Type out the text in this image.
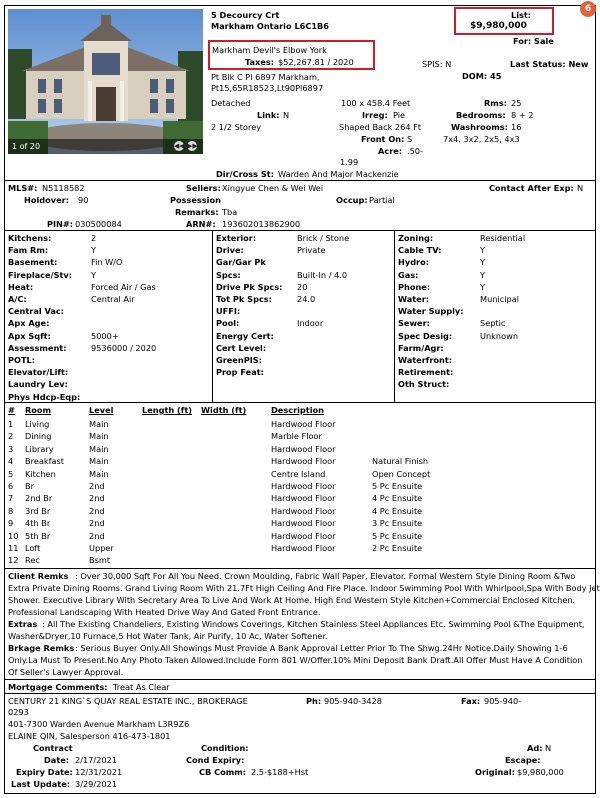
6
1 of 20	◀◀ ▶▶
5 Decourcy Crt
Markham Ontario L6C1B6
Markham Devil's Elbow York
Taxes: $52,267.81 / 2020
Pt Blk C Pl 6897 Markham,
Pt15,65R18523,Lt90Pl6897
List:
$9,980,000
For: Sale
SPIS: N	Last Status: New
DOM: 45
Detached
Link: N
2 1/2 Storey
100 x 458.4 Feet
Irreg: Pie
Shaped Back 264 Ft
Front On: S
Acre: .50-
1.99
Rms: 25
Bedrooms: 8 + 2
Washrooms: 16
7x4, 3x2, 2x5, 4x3
Dir/Cross St: Warden And Major Mackenzie
MLS#: N5118582	Sellers: Xingyue Chen & Wei Wei	Contact After Exp: N
Holdover: 90	Possession	Occup: Partial
Remarks: Tba
PIN#: 030500084	ARN#: 193602013862900
Kitchens:	2
Fam Rm:	Y
Basement:	Fin W/O
Fireplace/Stv: Y
Heat:	Forced Air / Gas
A/C:	Central Air
Central Vac:
Apx Age:
Apx Sqft:	5000+
Assessment:	9536000 / 2020
POTL:
Elevator/Lift:
Laundry Lev:
Phys Hdcp-Eqp:
Exterior:	Brick / Stone
Drive:	Private
Gar/Gar Pk
Spcs:	Built-In / 4.0
Drive Pk Spcs: 20
Tot Pk Spcs:	24.0
UFFI:
Pool:	Indoor
Energy Cert:
Cert Level:
GreenPIS:
Prop Feat:
Zoning:	Residential
Cable TV:	Y
Hydro:	Y
Gas:	Y
Phone:	Y
Water:	Municipal
Water Supply:
Sewer:	Septic
Spec Desig:	Unknown
Farm/Agr:
Waterfront:
Retirement:
Oth Struct:
# Room	Level	Length (ft) Width (ft)	Description
1 Living	Main	Hardwood Floor
2 Dining	Main	Marble Floor
3 Library	Main	Hardwood Floor
4 Breakfast	Main	Hardwood Floor	Natural Finish
5 Kitchen	Main	Centre Island	Open Concept
6 Br	2nd	Hardwood Floor	5 Pc Ensuite
7 2nd Br	2nd	Hardwood Floor	4 Pc Ensuite
8 3rd Br	2nd	Hardwood Floor	4 Pc Ensuite
9 4th Br	2nd	Hardwood Floor	3 Pc Ensuite
10 5th Br	2nd	Hardwood Floor	5 Pc Ensuite
11 Loft	Upper	Hardwood Floor	2 Pc Ensuite
12 Rec	Bsmt
Client Remks : Over 30,000 Sqft For All You Need. Crown Moulding, Fabric Wall Paper, Elevator. Formal Western Style Dining Room &Two
Extra Private Dining Rooms. Grand Living Room With 21.7Ft High Ceiling And Fire Place. Indoor Swimming Pool With Whirlpool,Spa With Body Jet
Shower. Executive Library With Secretary Area To Live And Work At Home. High End Western Style Kitchen+Commercial Enclosed Kitchen.
Professional Landscaping With Heated Drive Way And Gated Front Entrance.
Extras : All The Existing Chandeliers, Existing Windows Coverings, Kitchen Stainless Steel Appliances Etc. Swimming Pool &The Equipment,
Washer&Dryer,10 Furnace,5 Hot Water Tank, Air Purify, 10 Ac, Water Softener.
Brkage Remks : Serious Buyer Only.All Showings Must Provide A Bank Approval Letter Prior To The Shwg.24Hr Notice.Daily Showing 1-6
Only.La Must To Present.No Any Photo Taken Allowed.Include Form 801 W/Offer.10% Mini Deposit Bank Draft.All Offer Must Have A Condition
Of Seller's Lawyer Approval.
Mortgage Comments: Treat As Clear
CENTURY 21 KING`S QUAY REAL ESTATE INC., BROKERAGE	Ph: 905-940-3428	Fax: 905-940-
0293
401-7300 Warden Avenue Markham L3R9Z6
ELAINE QIN, Salesperson 416-473-1801
Contract
Date: 2/17/2021
Expiry Date: 12/31/2021
Last Update: 3/29/2021
Condition:
Cond Expiry:
CB Comm: 2.5-$188+Hst
Ad: N
Escape:
Original: $9,980,000
